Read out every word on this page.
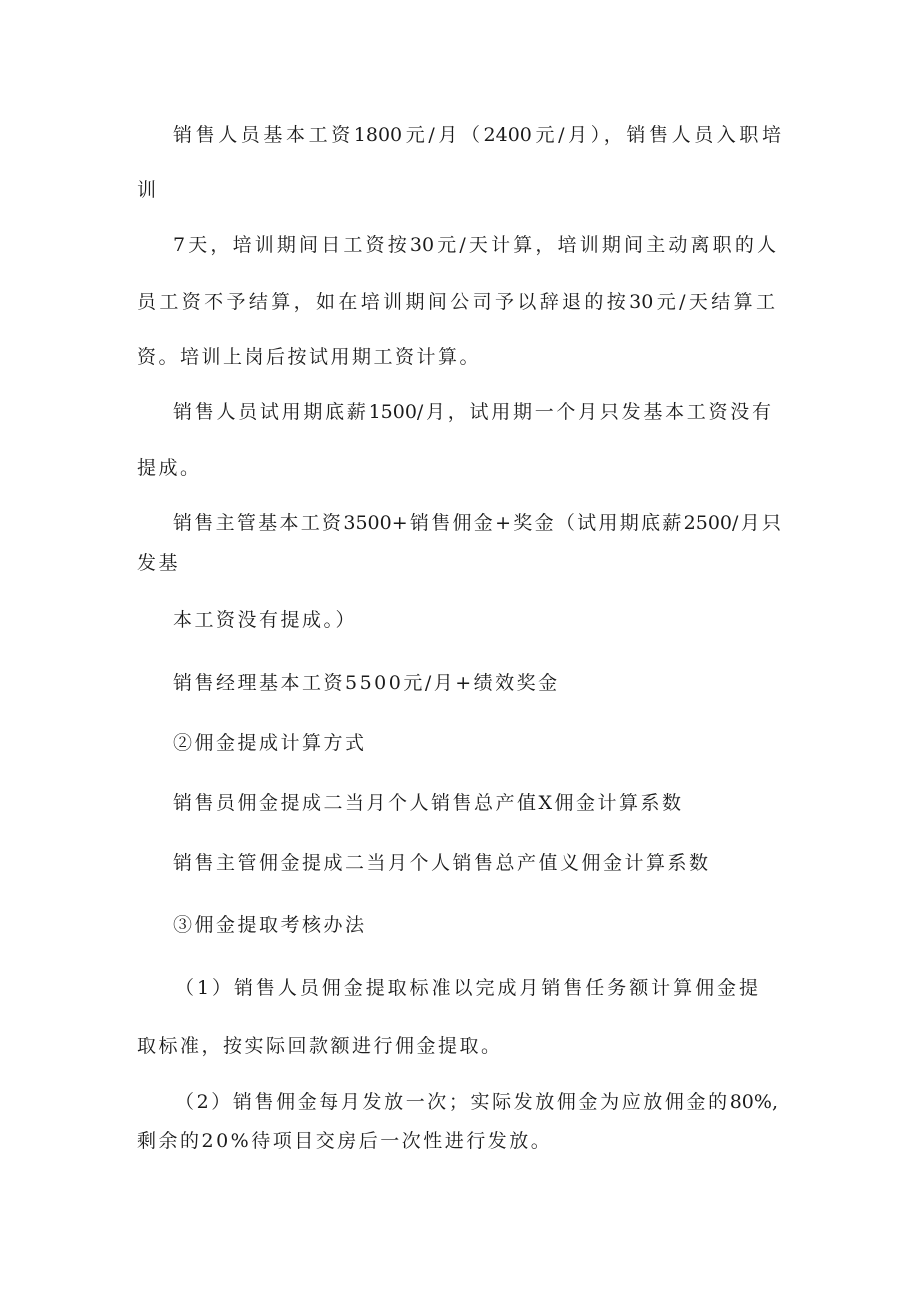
销售人员基本工资1800元/月（2400元/月），销售人员入职培
训
7天，培训期间日工资按30元/天计算，培训期间主动离职的人
员工资不予结算，如在培训期间公司予以辞退的按30元/天结算工
资。培训上岗后按试用期工资计算。
销售人员试用期底薪1500/月，试用期一个月只发基本工资没有
提成。
销售主管基本工资3500+销售佣金+奖金（试用期底薪2500/月只
发基
本工资没有提成。）
销售经理基本工资5500元/月+绩效奖金
②佣金提成计算方式
销售员佣金提成二当月个人销售总产值X佣金计算系数
销售主管佣金提成二当月个人销售总产值义佣金计算系数
③佣金提取考核办法
（1）销售人员佣金提取标准以完成月销售任务额计算佣金提
取标准，按实际回款额进行佣金提取。
（2）销售佣金每月发放一次；实际发放佣金为应放佣金的80%,
剩余的20%待项目交房后一次性进行发放。
